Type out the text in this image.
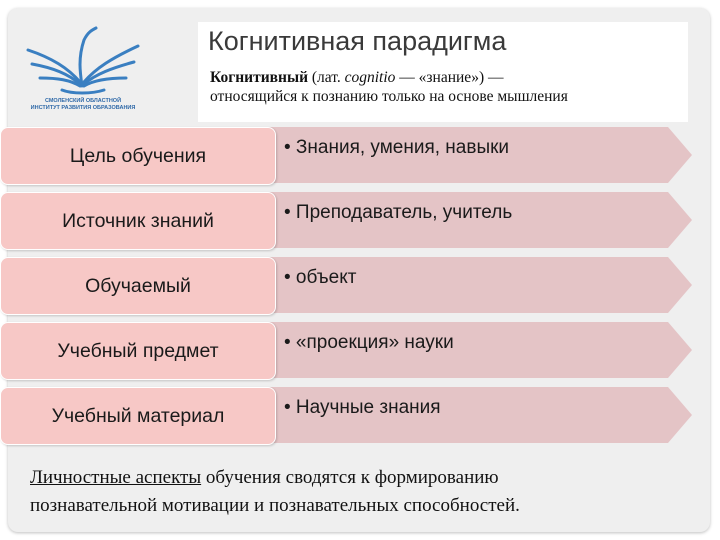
СМОЛЕНСКИЙ ОБЛАСТНОЙ
ИНСТИТУТ РАЗВИТИЯ ОБРАЗОВАНИЯ
Когнитивная парадигма
Когнитивный (лат. cognitio — «знание») —
относящийся к познанию только на основе мышления
• Знания, умения, навыки
Цель обучения
• Преподаватель, учитель
Источник знаний
• объект
Обучаемый
• «проекция» науки
Учебный предмет
• Научные знания
Учебный материал
Личностные аспекты обучения сводятся к формированию
познавательной мотивации и познавательных способностей.
